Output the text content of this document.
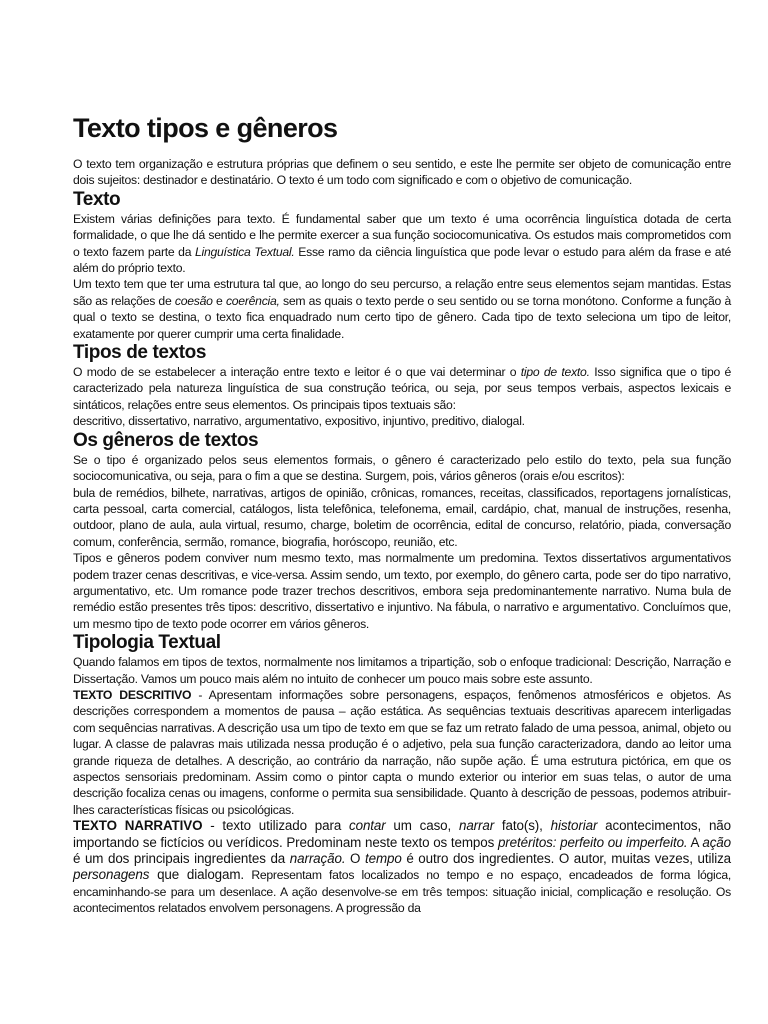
Texto tipos e gêneros

O texto tem organização e estrutura próprias que definem o seu sentido, e este lhe permite ser objeto de comunicação entre dois sujeitos: destinador e destinatário. O texto é um todo com significado e com o objetivo de comunicação.

Texto

Existem várias definições para texto. É fundamental saber que um texto é uma ocorrência linguística dotada de certa formalidade, o que lhe dá sentido e lhe permite exercer a sua função sociocomunicativa. Os estudos mais comprometidos com o texto fazem parte da Linguística Textual. Esse ramo da ciência linguística que pode levar o estudo para além da frase e até além do próprio texto.

Um texto tem que ter uma estrutura tal que, ao longo do seu percurso, a relação entre seus elementos sejam mantidas. Estas são as relações de coesão e coerência, sem as quais o texto perde o seu sentido ou se torna monótono. Conforme a função à qual o texto se destina, o texto fica enquadrado num certo tipo de gênero. Cada tipo de texto seleciona um tipo de leitor, exatamente por querer cumprir uma certa finalidade.

Tipos de textos

O modo de se estabelecer a interação entre texto e leitor é o que vai determinar o tipo de texto. Isso significa que o tipo é caracterizado pela natureza linguística de sua construção teórica, ou seja, por seus tempos verbais, aspectos lexicais e sintáticos, relações entre seus elementos. Os principais tipos textuais são:

descritivo, dissertativo, narrativo, argumentativo, expositivo, injuntivo, preditivo, dialogal.

Os gêneros de textos

Se o tipo é organizado pelos seus elementos formais, o gênero é caracterizado pelo estilo do texto, pela sua função sociocomunicativa, ou seja, para o fim a que se destina. Surgem, pois, vários gêneros (orais e/ou escritos):

bula de remédios, bilhete, narrativas, artigos de opinião, crônicas, romances, receitas, classificados, reportagens jornalísticas, carta pessoal, carta comercial, catálogos, lista telefônica, telefonema, email, cardápio, chat, manual de instruções, resenha, outdoor, plano de aula, aula virtual, resumo, charge, boletim de ocorrência, edital de concurso, relatório, piada, conversação comum, conferência, sermão, romance, biografia, horóscopo, reunião, etc.

Tipos e gêneros podem conviver num mesmo texto, mas normalmente um predomina. Textos dissertativos argumentativos podem trazer cenas descritivas, e vice-versa. Assim sendo, um texto, por exemplo, do gênero carta, pode ser do tipo narrativo, argumentativo, etc. Um romance pode trazer trechos descritivos, embora seja predominantemente narrativo. Numa bula de remédio estão presentes três tipos: descritivo, dissertativo e injuntivo. Na fábula, o narrativo e argumentativo. Concluímos que, um mesmo tipo de texto pode ocorrer em vários gêneros.

Tipologia Textual

Quando falamos em tipos de textos, normalmente nos limitamos a tripartição, sob o enfoque tradicional: Descrição, Narração e Dissertação. Vamos um pouco mais além no intuito de conhecer um pouco mais sobre este assunto.

TEXTO DESCRITIVO - Apresentam informações sobre personagens, espaços, fenômenos atmosféricos e objetos. As descrições correspondem a momentos de pausa – ação estática. As sequências textuais descritivas aparecem interligadas com sequências narrativas. A descrição usa um tipo de texto em que se faz um retrato falado de uma pessoa, animal, objeto ou lugar. A classe de palavras mais utilizada nessa produção é o adjetivo, pela sua função caracterizadora, dando ao leitor uma grande riqueza de detalhes. A descrição, ao contrário da narração, não supõe ação. É uma estrutura pictórica, em que os aspectos sensoriais predominam. Assim como o pintor capta o mundo exterior ou interior em suas telas, o autor de uma descrição focaliza cenas ou imagens, conforme o permita sua sensibilidade. Quanto à descrição de pessoas, podemos atribuir-lhes características físicas ou psicológicas.

TEXTO NARRATIVO - texto utilizado para contar um caso, narrar fato(s), historiar acontecimentos, não importando se fictícios ou verídicos. Predominam neste texto os tempos pretéritos: perfeito ou imperfeito. A ação é um dos principais ingredientes da narração. O tempo é outro dos ingredientes. O autor, muitas vezes, utiliza personagens que dialogam. Representam fatos localizados no tempo e no espaço, encadeados de forma lógica, encaminhando-se para um desenlace. A ação desenvolve-se em três tempos: situação inicial, complicação e resolução. Os acontecimentos relatados envolvem personagens. A progressão da
